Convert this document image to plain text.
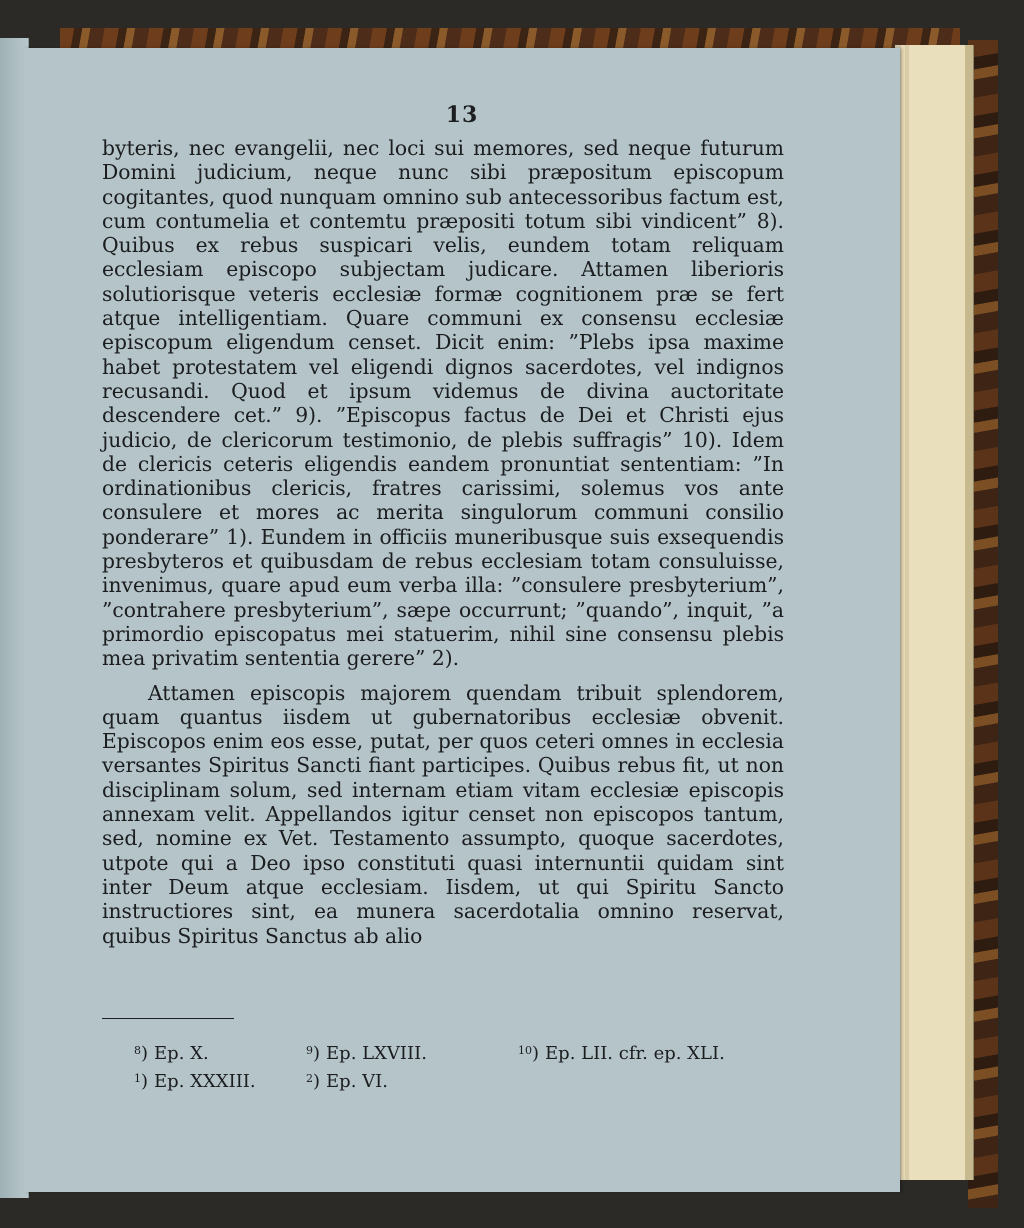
13

byteris, nec evangelii, nec loci sui memores, sed neque futurum Domini judicium, neque nunc sibi præpositum episcopum cogitantes, quod nunquam omnino sub antecessoribus factum est, cum contumelia et contemtu præpositi totum sibi vindicent” 8). Quibus ex rebus suspicari velis, eundem totam reliquam ecclesiam episcopo subjectam judicare. Attamen liberioris solutiorisque veteris ecclesiæ formæ cognitionem præ se fert atque intelligentiam. Quare communi ex consensu ecclesiæ episcopum eligendum censet. Dicit enim: ”Plebs ipsa maxime habet protestatem vel eligendi dignos sacerdotes, vel indignos recusandi. Quod et ipsum videmus de divina auctoritate descendere cet.” 9). ”Episcopus factus de Dei et Christi ejus judicio, de clericorum testimonio, de plebis suffragis” 10). Idem de clericis ceteris eligendis eandem pronuntiat sententiam: ”In ordinationibus clericis, fratres carissimi, solemus vos ante consulere et mores ac merita singulorum communi consilio ponderare” 1). Eundem in officiis muneribusque suis exsequendis presbyteros et quibusdam de rebus ecclesiam totam consuluisse, invenimus, quare apud eum verba illa: ”consulere presbyterium”, ”contrahere presbyterium”, sæpe occurrunt; ”quando”, inquit, ”a primordio episcopatus mei statuerim, nihil sine consensu plebis mea privatim sententia gerere” 2).

Attamen episcopis majorem quendam tribuit splendorem, quam quantus iisdem ut gubernatoribus ecclesiæ obvenit. Episcopos enim eos esse, putat, per quos ceteri omnes in ecclesia versantes Spiritus Sancti fiant participes. Quibus rebus fit, ut non disciplinam solum, sed internam etiam vitam ecclesiæ episcopis annexam velit. Appellandos igitur censet non episcopos tantum, sed, nomine ex Vet. Testamento assumpto, quoque sacerdotes, utpote qui a Deo ipso constituti quasi internuntii quidam sint inter Deum atque ecclesiam. Iisdem, ut qui Spiritu Sancto instructiores sint, ea munera sacerdotalia omnino reservat, quibus Spiritus Sanctus ab alio

$^8$) Ep. X.	$^9$) Ep. LXVIII.	$^{10}$) Ep. LII. cfr. ep. XLI.
$^1$) Ep. XXXIII.	$^2$) Ep. VI.
